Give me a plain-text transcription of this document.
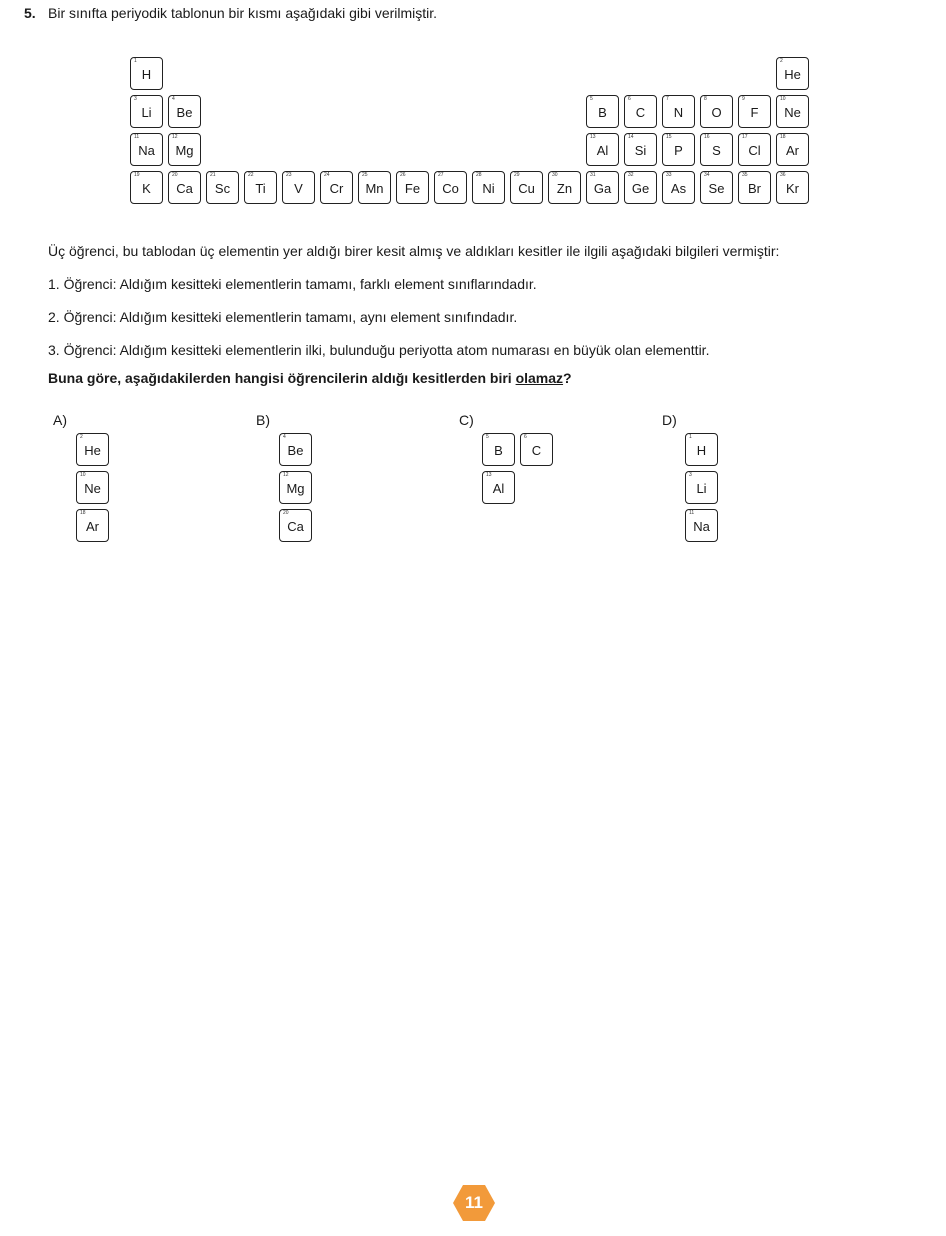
5. Bir sınıfta periyodik tablonun bir kısmı aşağıdaki gibi verilmiştir.
1
H
2
He
3
Li
4
Be
5
B
6
C
7
N
8
O
9
F
10
Ne
11
Na
12
Mg
13
Al
14
Si
15
P
16
S
17
Cl
18
Ar
19
K
20
Ca
21
Sc
22
Ti
23
V
24
Cr
25
Mn
26
Fe
27
Co
28
Ni
29
Cu
30
Zn
31
Ga
32
Ge
33
As
34
Se
35
Br
36
Kr
Üç öğrenci, bu tablodan üç elementin yer aldığı birer kesit almış ve aldıkları kesitler ile ilgili aşağıdaki bilgileri vermiştir:
1. Öğrenci: Aldığım kesitteki elementlerin tamamı, farklı element sınıflarındadır.
2. Öğrenci: Aldığım kesitteki elementlerin tamamı, aynı element sınıfındadır.
3. Öğrenci: Aldığım kesitteki elementlerin ilki, bulunduğu periyotta atom numarası en büyük olan elementtir.
Buna göre, aşağıdakilerden hangisi öğrencilerin aldığı kesitlerden biri olamaz?
A)
2
He
10
Ne
18
Ar
B)
4
Be
12
Mg
20
Ca
C)
5
B
6
C
13
Al
D)
1
H
3
Li
11
Na
11
